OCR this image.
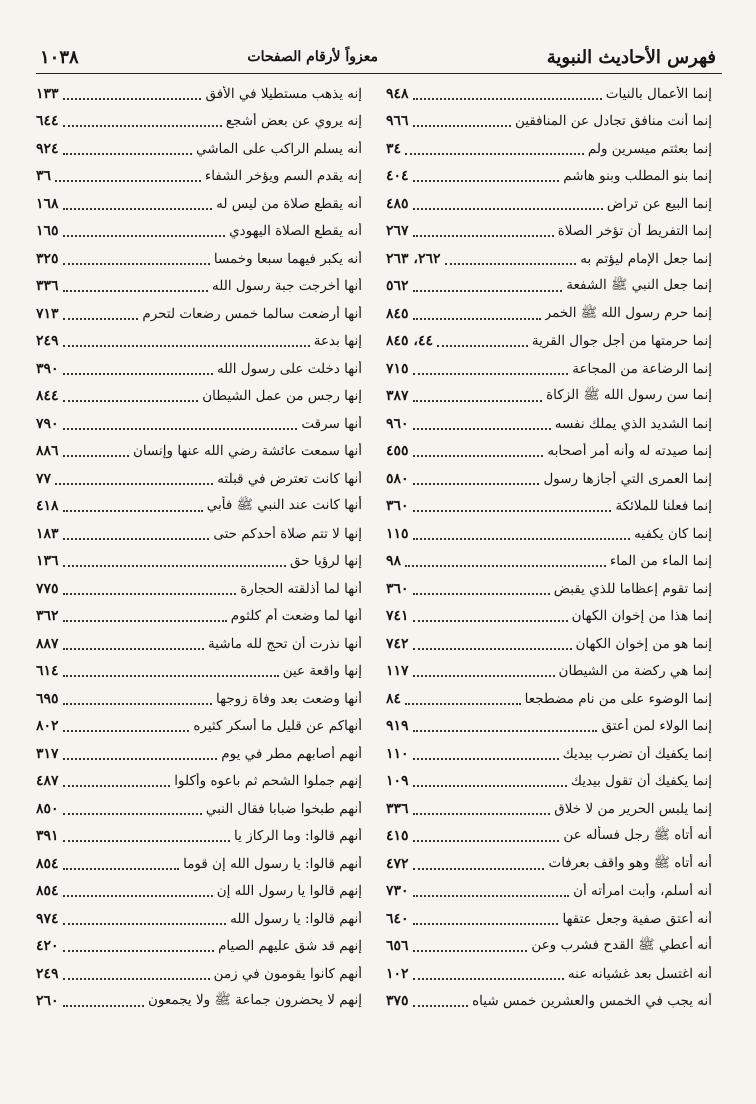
فهرس الأحاديث النبوية
معزواً لأرقام الصفحات
١٠٣٨
إنما الأعمال بالنيات
٩٤٨
إنما أنت منافق تجادل عن المنافقين
٩٦٦
إنما بعثتم ميسرين ولم
٣٤
إنما بنو المطلب وبنو هاشم
٤٠٤
إنما البيع عن تراض
٤٨٥
إنما التفريط أن تؤخر الصلاة
٢٦٧
إنما جعل الإمام ليؤتم به
٢٦٢، ٢٦٣
إنما جعل النبي ﷺ الشفعة
٥٦٢
إنما حرم رسول الله ﷺ الخمر
٨٤٥
إنما حرمتها من أجل جوال القرية
٤٤، ٨٤٥
إنما الرضاعة من المجاعة
٧١٥
إنما سن رسول الله ﷺ الزكاة
٣٨٧
إنما الشديد الذي يملك نفسه
٩٦٠
إنما صيدته له وأنه أمر أصحابه
٤٥٥
إنما العمرى التي أجازها رسول
٥٨٠
إنما فعلنا للملائكة
٣٦٠
إنما كان يكفيه
١١٥
إنما الماء من الماء
٩٨
إنما تقوم إعظاما للذي يقبض
٣٦٠
إنما هذا من إخوان الكهان
٧٤١
إنما هو من إخوان الكهان
٧٤٢
إنما هي ركضة من الشيطان
١١٧
إنما الوضوء على من نام مضطجعا
٨٤
إنما الولاء لمن أعتق
٩١٩
إنما يكفيك أن تضرب بيديك
١١٠
إنما يكفيك أن تقول بيديك
١٠٩
إنما يلبس الحرير من لا خلاق
٣٣٦
أنه أتاه ﷺ رجل فسأله عن
٤١٥
أنه أتاه ﷺ وهو واقف بعرفات
٤٧٢
أنه أسلم، وأبت امرأته أن
٧٣٠
أنه أعتق صفية وجعل عتقها
٦٤٠
أنه أعطي ﷺ القدح فشرب وعن
٦٥٦
أنه اغتسل بعد غشيانه عنه
١٠٢
أنه يجب في الخمس والعشرين خمس شياه
٣٧٥
إنه يذهب مستطيلا في الأفق
١٣٣
إنه يروي عن بعض أشجع
٦٤٤
أنه يسلم الراكب على الماشي
٩٢٤
إنه يقدم السم ويؤخر الشفاء
٣٦
أنه يقطع صلاة من ليس له
١٦٨
أنه يقطع الصلاة اليهودي
١٦٥
أنه يكبر فيهما سبعا وخمسا
٣٢٥
أنها أخرجت جبة رسول الله
٣٣٦
أنها أرضعت سالما خمس رضعات لتحرم
٧١٣
إنها بدعة
٢٤٩
أنها دخلت على رسول الله
٣٩٠
إنها رجس من عمل الشيطان
٨٤٤
أنها سرقت
٧٩٠
أنها سمعت عائشة رضي الله عنها وإنسان
٨٨٦
أنها كانت تعترض في قبلته
٧٧
أنها كانت عند النبي ﷺ فأبي
٤١٨
إنها لا تتم صلاة أحدكم حتى
١٨٣
إنها لرؤيا حق
١٣٦
أنها لما أذلقته الحجارة
٧٧٥
أنها لما وضعت أم كلثوم
٣٦٢
أنها نذرت أن تحج لله ماشية
٨٨٧
إنها واقعة عين
٦١٤
أنها وضعت بعد وفاة زوجها
٦٩٥
أنهاكم عن قليل ما أسكر كثيره
٨٠٢
أنهم أصابهم مطر في يوم
٣١٧
إنهم جملوا الشحم ثم باعوه وأكلوا
٤٨٧
أنهم طبخوا ضبابا فقال النبي
٨٥٠
أنهم قالوا: وما الركاز يا
٣٩١
أنهم قالوا: يا رسول الله إن قوما
٨٥٤
إنهم قالوا يا رسول الله إن
٨٥٤
أنهم قالوا: يا رسول الله
٩٧٤
إنهم قد شق عليهم الصيام
٤٢٠
أنهم كانوا يقومون في زمن
٢٤٩
إنهم لا يحضرون جماعة ﷺ ولا يجمعون
٢٦٠
